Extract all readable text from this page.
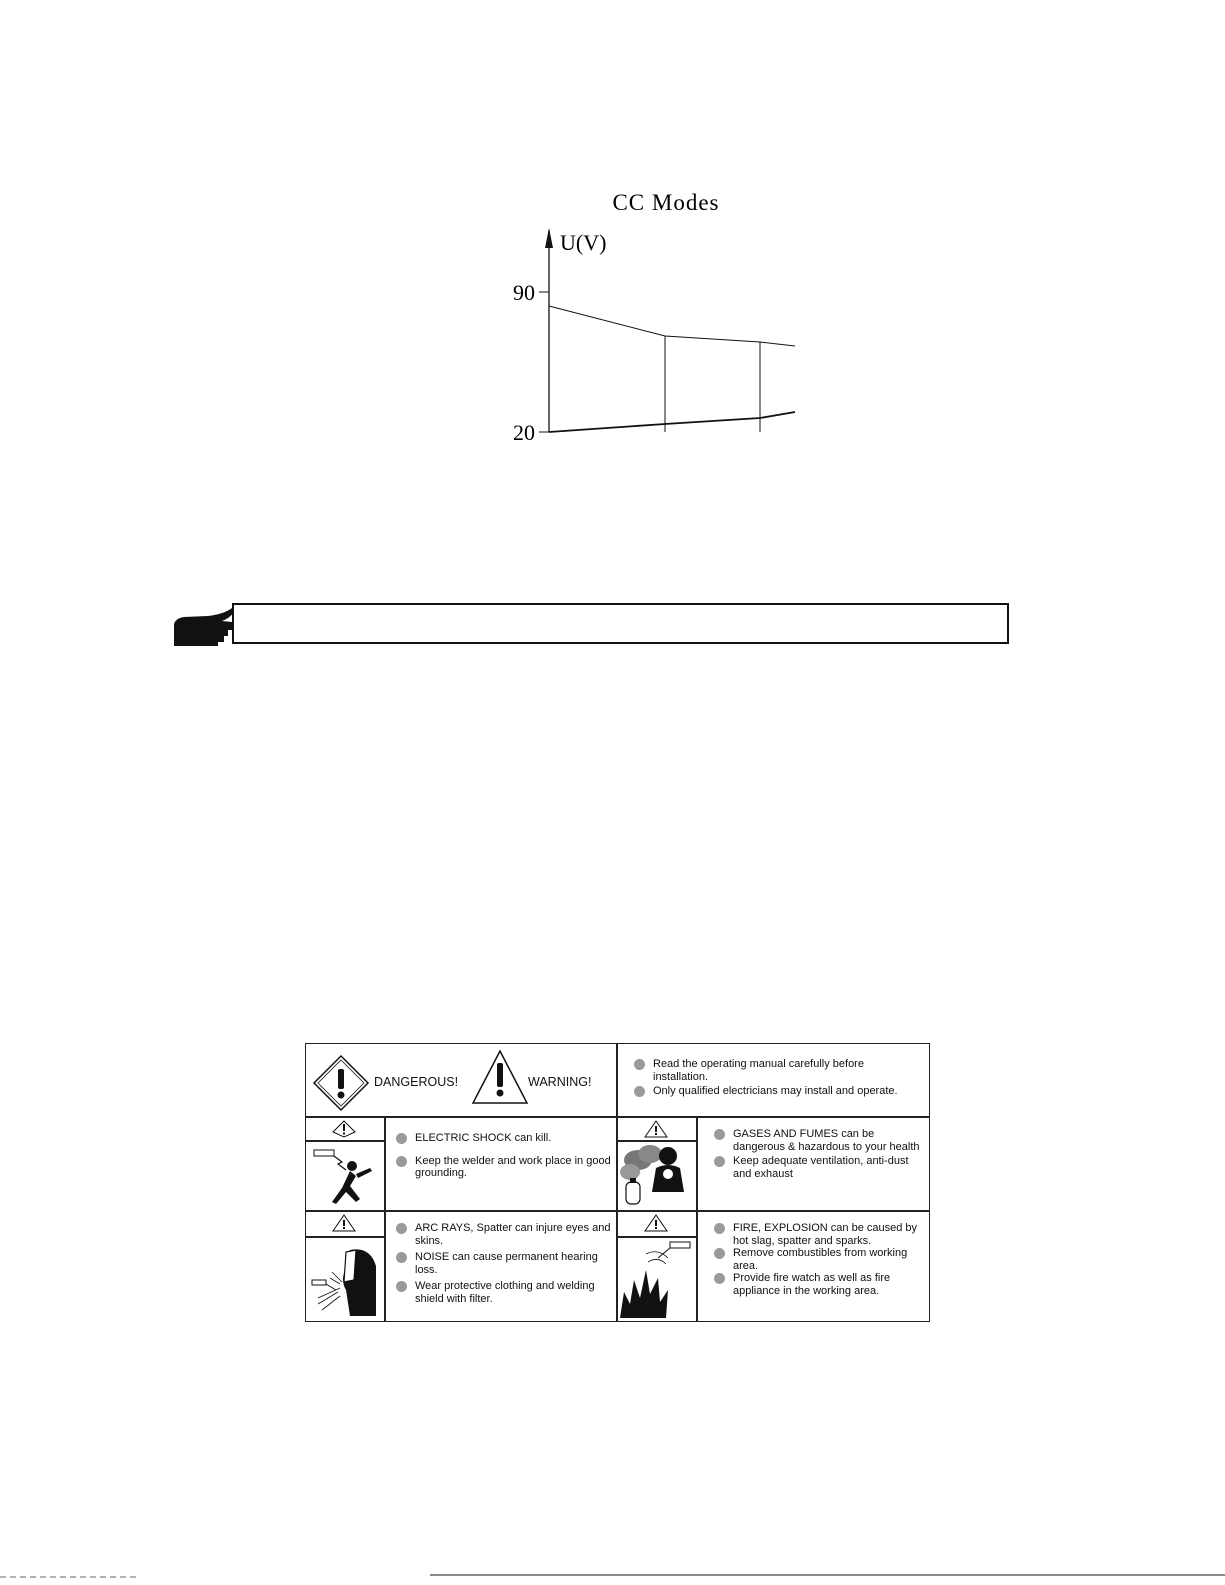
CC Modes
U(V)
90
20
DANGEROUS!	WARNING!
Read the operating manual carefully before installation.
Only qualified electricians may install and operate.
ELECTRIC SHOCK can kill.
Keep the welder and work place in good grounding.
GASES AND FUMES can be dangerous & hazardous to your health
Keep adequate ventilation, anti-dust and exhaust
ARC RAYS, Spatter can injure eyes and skins.
NOISE can cause permanent hearing loss.
Wear protective clothing and welding shield with filter.
FIRE, EXPLOSION can be caused by hot slag, spatter and sparks.
Remove combustibles from working area.
Provide fire watch as well as fire appliance in the working area.
